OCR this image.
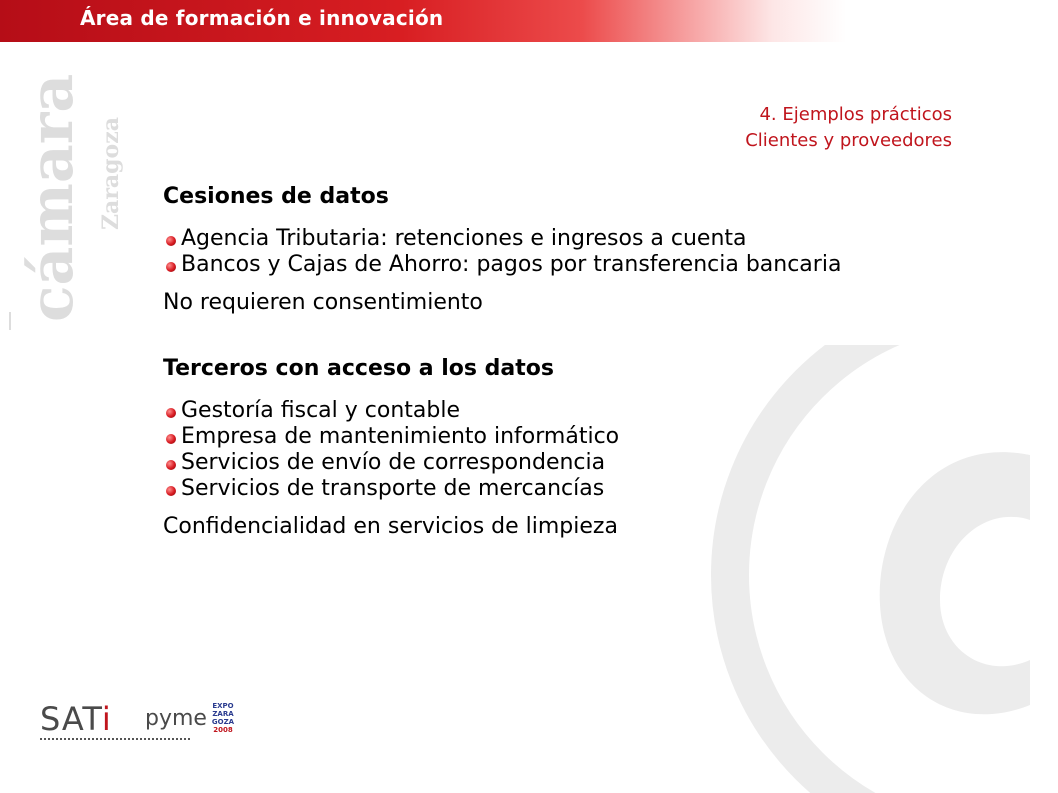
Área de formación e innovación
cámara Zaragoza
4. Ejemplos prácticos
Clientes y proveedores
Cesiones de datos
Agencia Tributaria: retenciones e ingresos a cuenta
Bancos y Cajas de Ahorro: pagos por transferencia bancaria
No requieren consentimiento
Terceros con acceso a los datos
Gestoría fiscal y contable
Empresa de mantenimiento informático
Servicios de envío de correspondencia
Servicios de transporte de mercancías
Confidencialidad en servicios de limpieza
SATi pyme EXPO
ZARA
GOZA
2008
